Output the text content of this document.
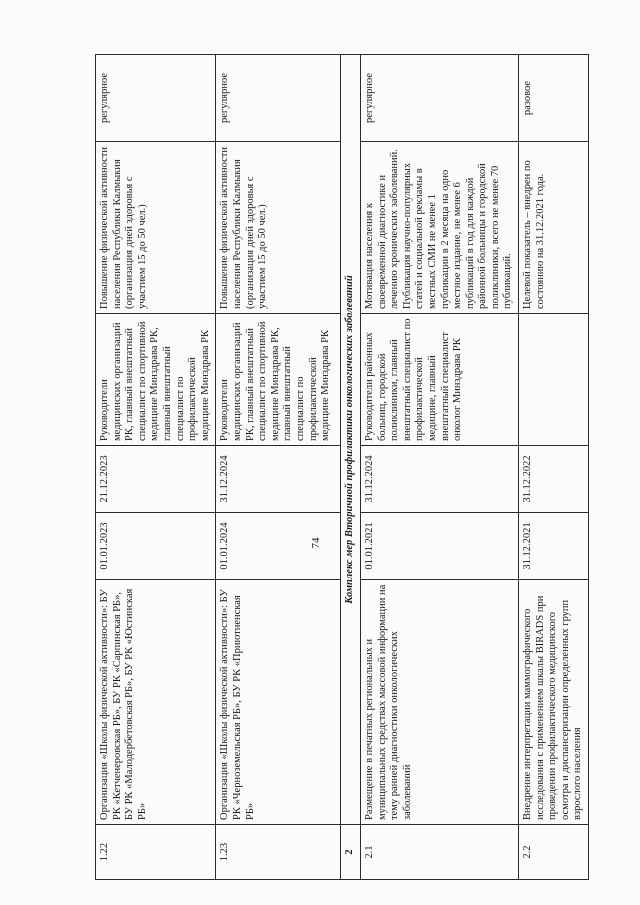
1.22	Организация «Школы физической активности»: БУ РК «Кетченеровская РБ», БУ РК «Сарпинская РБ», БУ РК «Малодербетовская РБ», БУ РК «Юстинская РБ»	01.01.2023	21.12.2023	Руководители медицинских организаций РК, главный внештатный специалист по спортивной медицине Минздрава РК, главный внештатный специалист по профилактической медицине Минздрава РК	Повышение физической активности населения Республики Калмыкия (организация дней здоровья с участием 15 до 50 чел.)	регулярное
1.23	Организация «Школы физической активности»: БУ РК «Черноземельская РБ», БУ РК «Приютненская РБ»	01.01.2024	31.12.2024	Руководители медицинских организаций РК, главный внештатный специалист по спортивной медицине Минздрава РК, главный внештатный специалист по профилактической медицине Минздрава РК	Повышение физической активности населения Республики Калмыкия (организация дней здоровья с участием 15 до 50 чел.)	регулярное
2	Комплекс мер Вторичной профилактики онкологических заболеваний					
2.1	Размещение в печатных региональных и муниципальных средствах массовой информации на тему ранней диагностики онкологических заболеваний	01.01.2021	31.12.2024	Руководители районных больниц, городской поликлиники, главный внештатный специалист по профилактической медицине, главный внештатный специалист онколог Минздрава РК	Мотивация населения к своевременной диагностике и лечению хронических заболеваний. Публикация научно-популярных статей и социальной рекламы в местных СМИ не менее 1 публикации в 2 месяца на одно местное издание, не менее 6 публикаций в год для каждой районной больницы и городской поликлиники, всего не менее 70 публикаций.	регулярное
2.2	Внедрение интерпретации маммографического исследования с применением шкалы BIRADS при проведении профилактического медицинского осмотра и диспансеризации определенных групп взрослого населения	31.12.2021	31.12.2022		Целевой показатель – внедрен по состоянию на 31.12.2021 года.	разовое
74
